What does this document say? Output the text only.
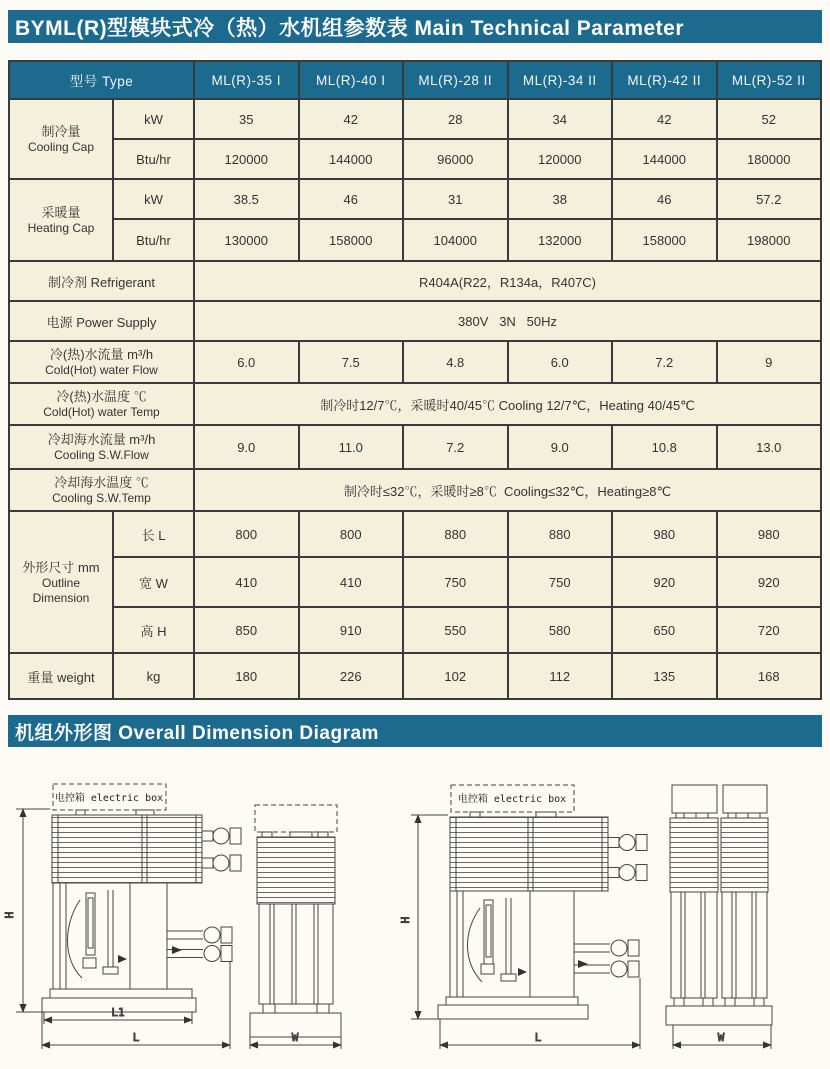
BYML(R)型模块式冷（热）水机组参数表 Main Technical Parameter
型号 Type		ML(R)-35 I	ML(R)-40 I	ML(R)-28 II	ML(R)-34 II	ML(R)-42 II	ML(R)-52 II

制冷量
Cooling Cap	kW	35	42	28	34	42	52
	Btu/hr	120000	144000	96000	120000	144000	180000

采暖量
Heating Cap	kW	38.5	46	31	38	46	57.2
	Btu/hr	130000	158000	104000	132000	158000	198000
制冷剂 Refrigerant		R404A(R22，R134a，R407C)					
电源 Power Supply		380V   3N   50Hz					

冷(热)水流量 m³/h
Cold(Hot) water Flow		6.0	7.5	4.8	6.0	7.2	9

冷(热)水温度 ℃
Cold(Hot) water Temp		制冷时12/7℃，采暖时40/45℃ Cooling 12/7℃，Heating 40/45℃					

冷却海水流量 m³/h
Cooling S.W.Flow		9.0	11.0	7.2	9.0	10.8	13.0

冷却海水温度 ℃
Cooling S.W.Temp		制冷时≤32℃，采暖时≥8℃  Cooling≤32℃，Heating≥8℃					

外形尺寸 mm
Outline Dimension	长 L	800	800	880	880	980	980
	宽 W	410	410	750	750	920	920
	高 H	850	910	550	580	650	720
重量 weight	kg	180	226	102	112	135	168
机组外形图 Overall Dimension Diagram
H
L1
L
电控箱 electric box
W
H
L
电控箱 electric box
W
